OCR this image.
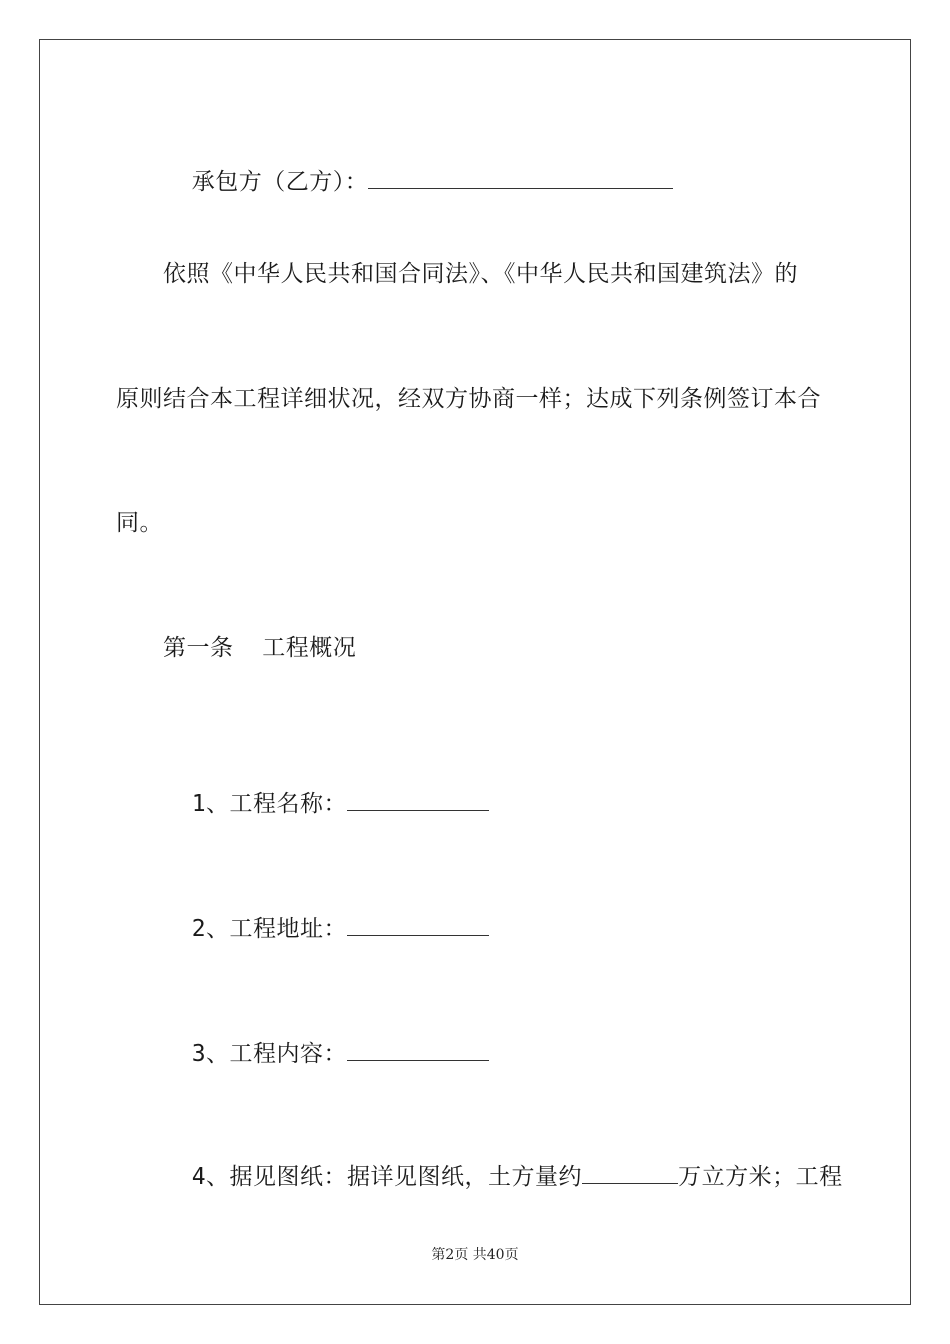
承包方（乙方）：

依照《中华人民共和国合同法》、《中华人民共和国建筑法》的
原则结合本工程详细状况，经双方协商一样；达成下列条例签订本合
同。
第一条  工程概况

1、工程名称：

2、工程地址：

3、工程内容：

4、据见图纸：据详见图纸，土方量约	万立方米；工程

第2页 共40页
